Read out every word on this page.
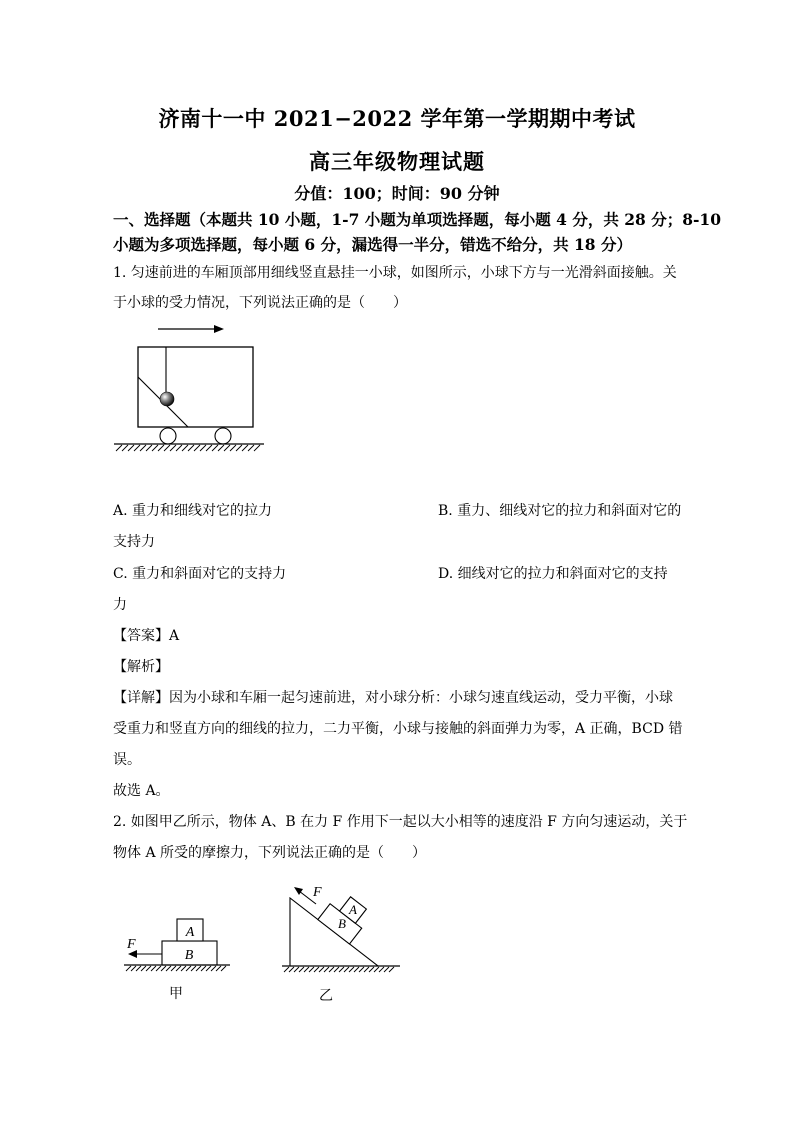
济南十一中 2021−2022 学年第一学期期中考试
高三年级物理试题
分值：100；时间：90 分钟
一、选择题（本题共 10 小题，1-7 小题为单项选择题，每小题 4 分，共 28 分；8-10
小题为多项选择题，每小题 6 分，漏选得一半分，错选不给分，共 18 分）
1. 匀速前进的车厢顶部用细线竖直悬挂一小球，如图所示，小球下方与一光滑斜面接触。关
于小球的受力情况，下列说法正确的是（　　）
A. 重力和细线对它的拉力	B. 重力、细线对它的拉力和斜面对它的
支持力
C. 重力和斜面对它的支持力	D. 细线对它的拉力和斜面对它的支持
力
【答案】A
【解析】
【详解】因为小球和车厢一起匀速前进，对小球分析：小球匀速直线运动，受力平衡，小球
受重力和竖直方向的细线的拉力，二力平衡，小球与接触的斜面弹力为零，A 正确，BCD 错
误。
故选 A。
2. 如图甲乙所示，物体 A、B 在力 F 作用下一起以大小相等的速度沿 F 方向匀速运动，关于
物体 A 所受的摩擦力，下列说法正确的是（　　）
A
B
F
甲
A
B
F
乙
